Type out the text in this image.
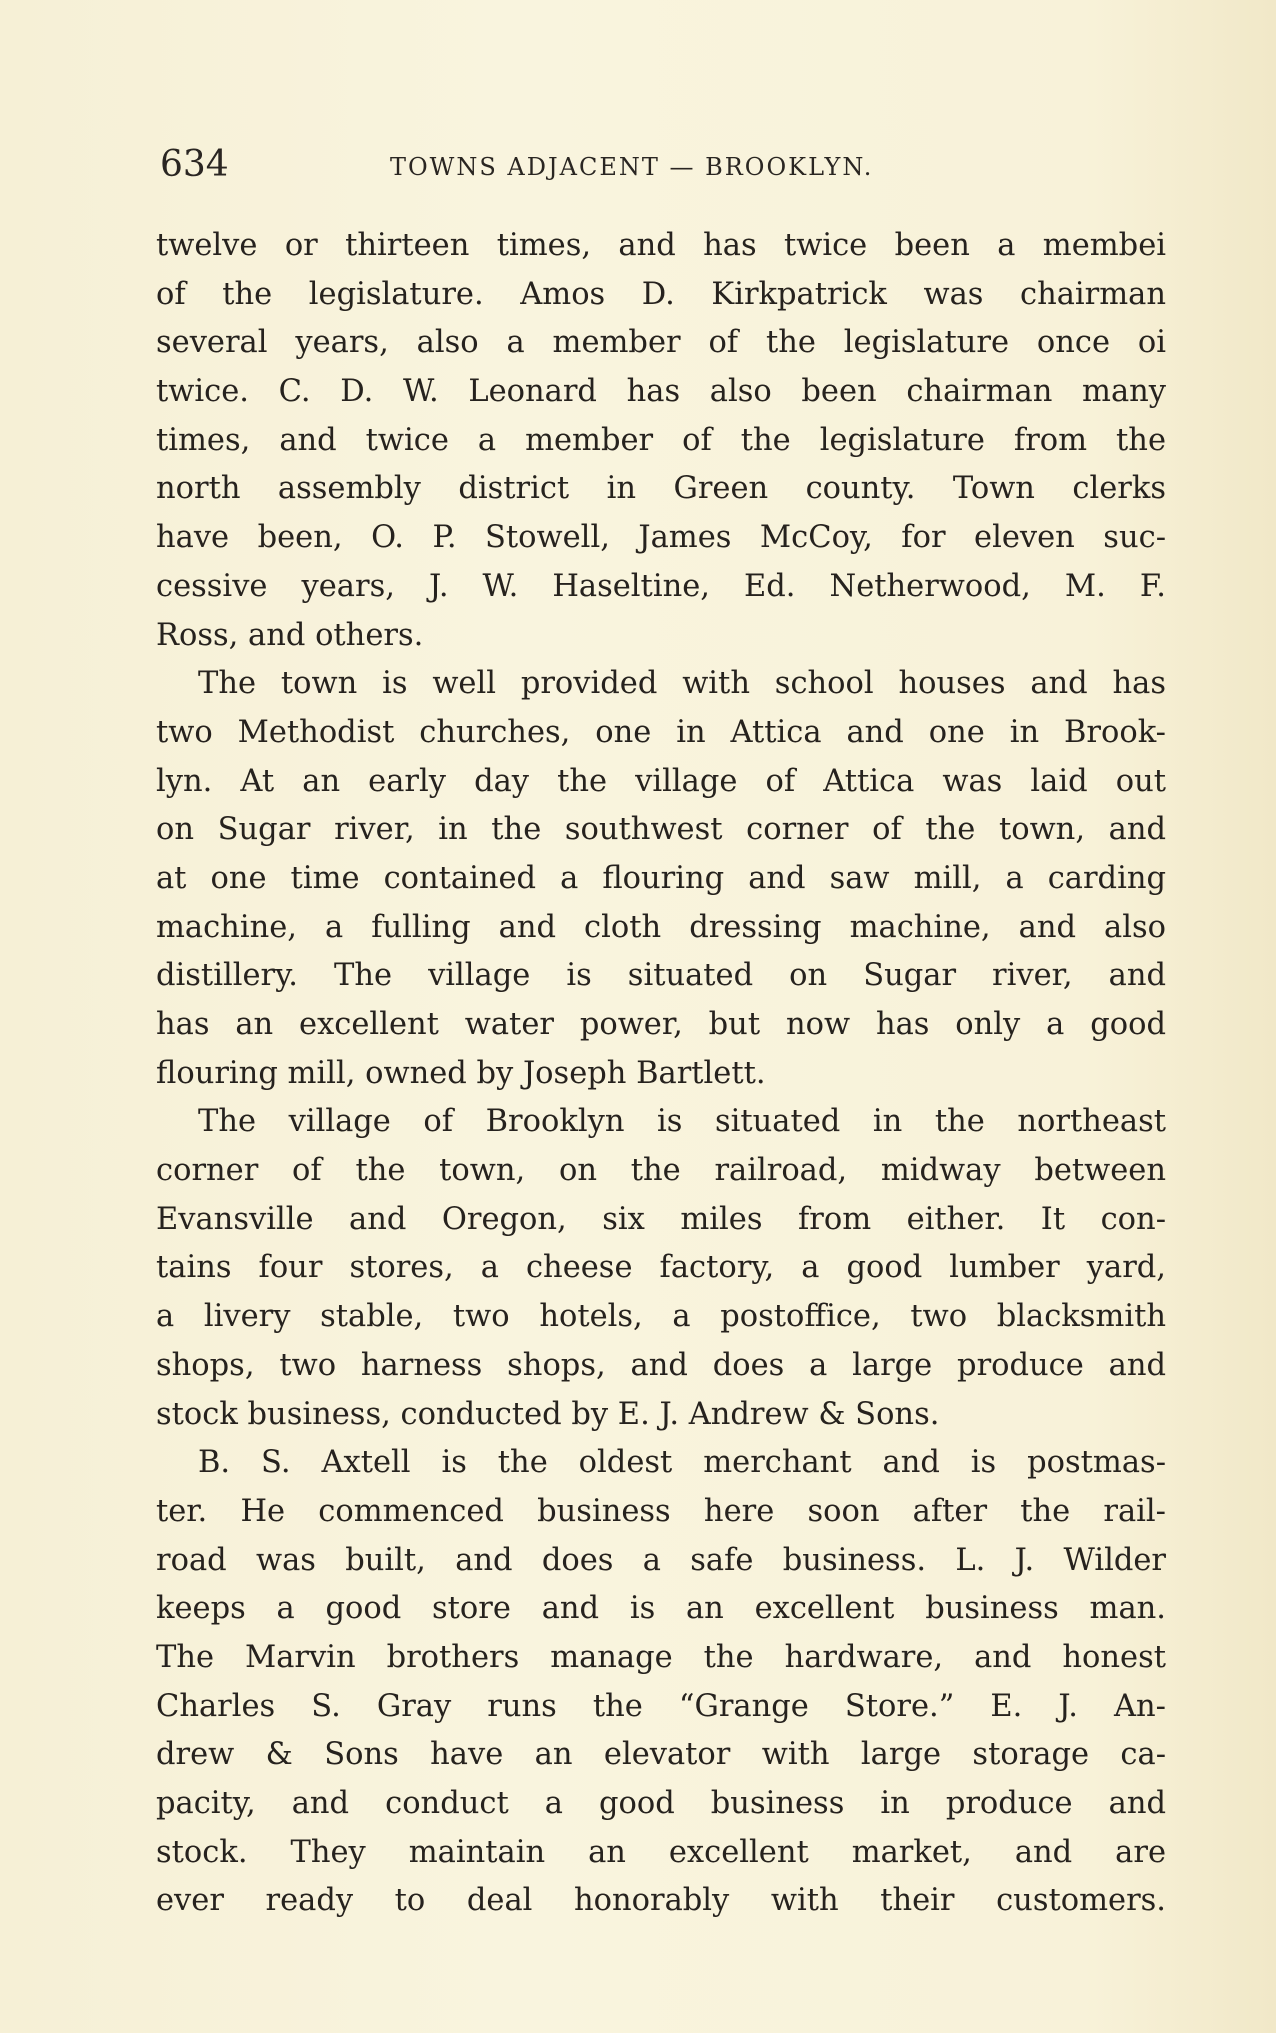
634	TOWNS ADJACENT — BROOKLYN.
twelve or thirteen times, and has twice been a membei
of the legislature. Amos D. Kirkpatrick was chairman
several years, also a member of the legislature once oi
twice. C. D. W. Leonard has also been chairman many
times, and twice a member of the legislature from the
north assembly district in Green county. Town clerks
have been, O. P. Stowell, James McCoy, for eleven suc-
cessive years, J. W. Haseltine, Ed. Netherwood, M. F.
Ross, and others.
The town is well provided with school houses and has
two Methodist churches, one in Attica and one in Brook-
lyn. At an early day the village of Attica was laid out
on Sugar river, in the southwest corner of the town, and
at one time contained a flouring and saw mill, a carding
machine, a fulling and cloth dressing machine, and also
distillery. The village is situated on Sugar river, and
has an excellent water power, but now has only a good
flouring mill, owned by Joseph Bartlett.
The village of Brooklyn is situated in the northeast
corner of the town, on the railroad, midway between
Evansville and Oregon, six miles from either. It con-
tains four stores, a cheese factory, a good lumber yard,
a livery stable, two hotels, a postoffice, two blacksmith
shops, two harness shops, and does a large produce and
stock business, conducted by E. J. Andrew & Sons.
B. S. Axtell is the oldest merchant and is postmas-
ter. He commenced business here soon after the rail-
road was built, and does a safe business. L. J. Wilder
keeps a good store and is an excellent business man.
The Marvin brothers manage the hardware, and honest
Charles S. Gray runs the “Grange Store.” E. J. An-
drew & Sons have an elevator with large storage ca-
pacity, and conduct a good business in produce and
stock. They maintain an excellent market, and are
ever ready to deal honorably with their customers.
